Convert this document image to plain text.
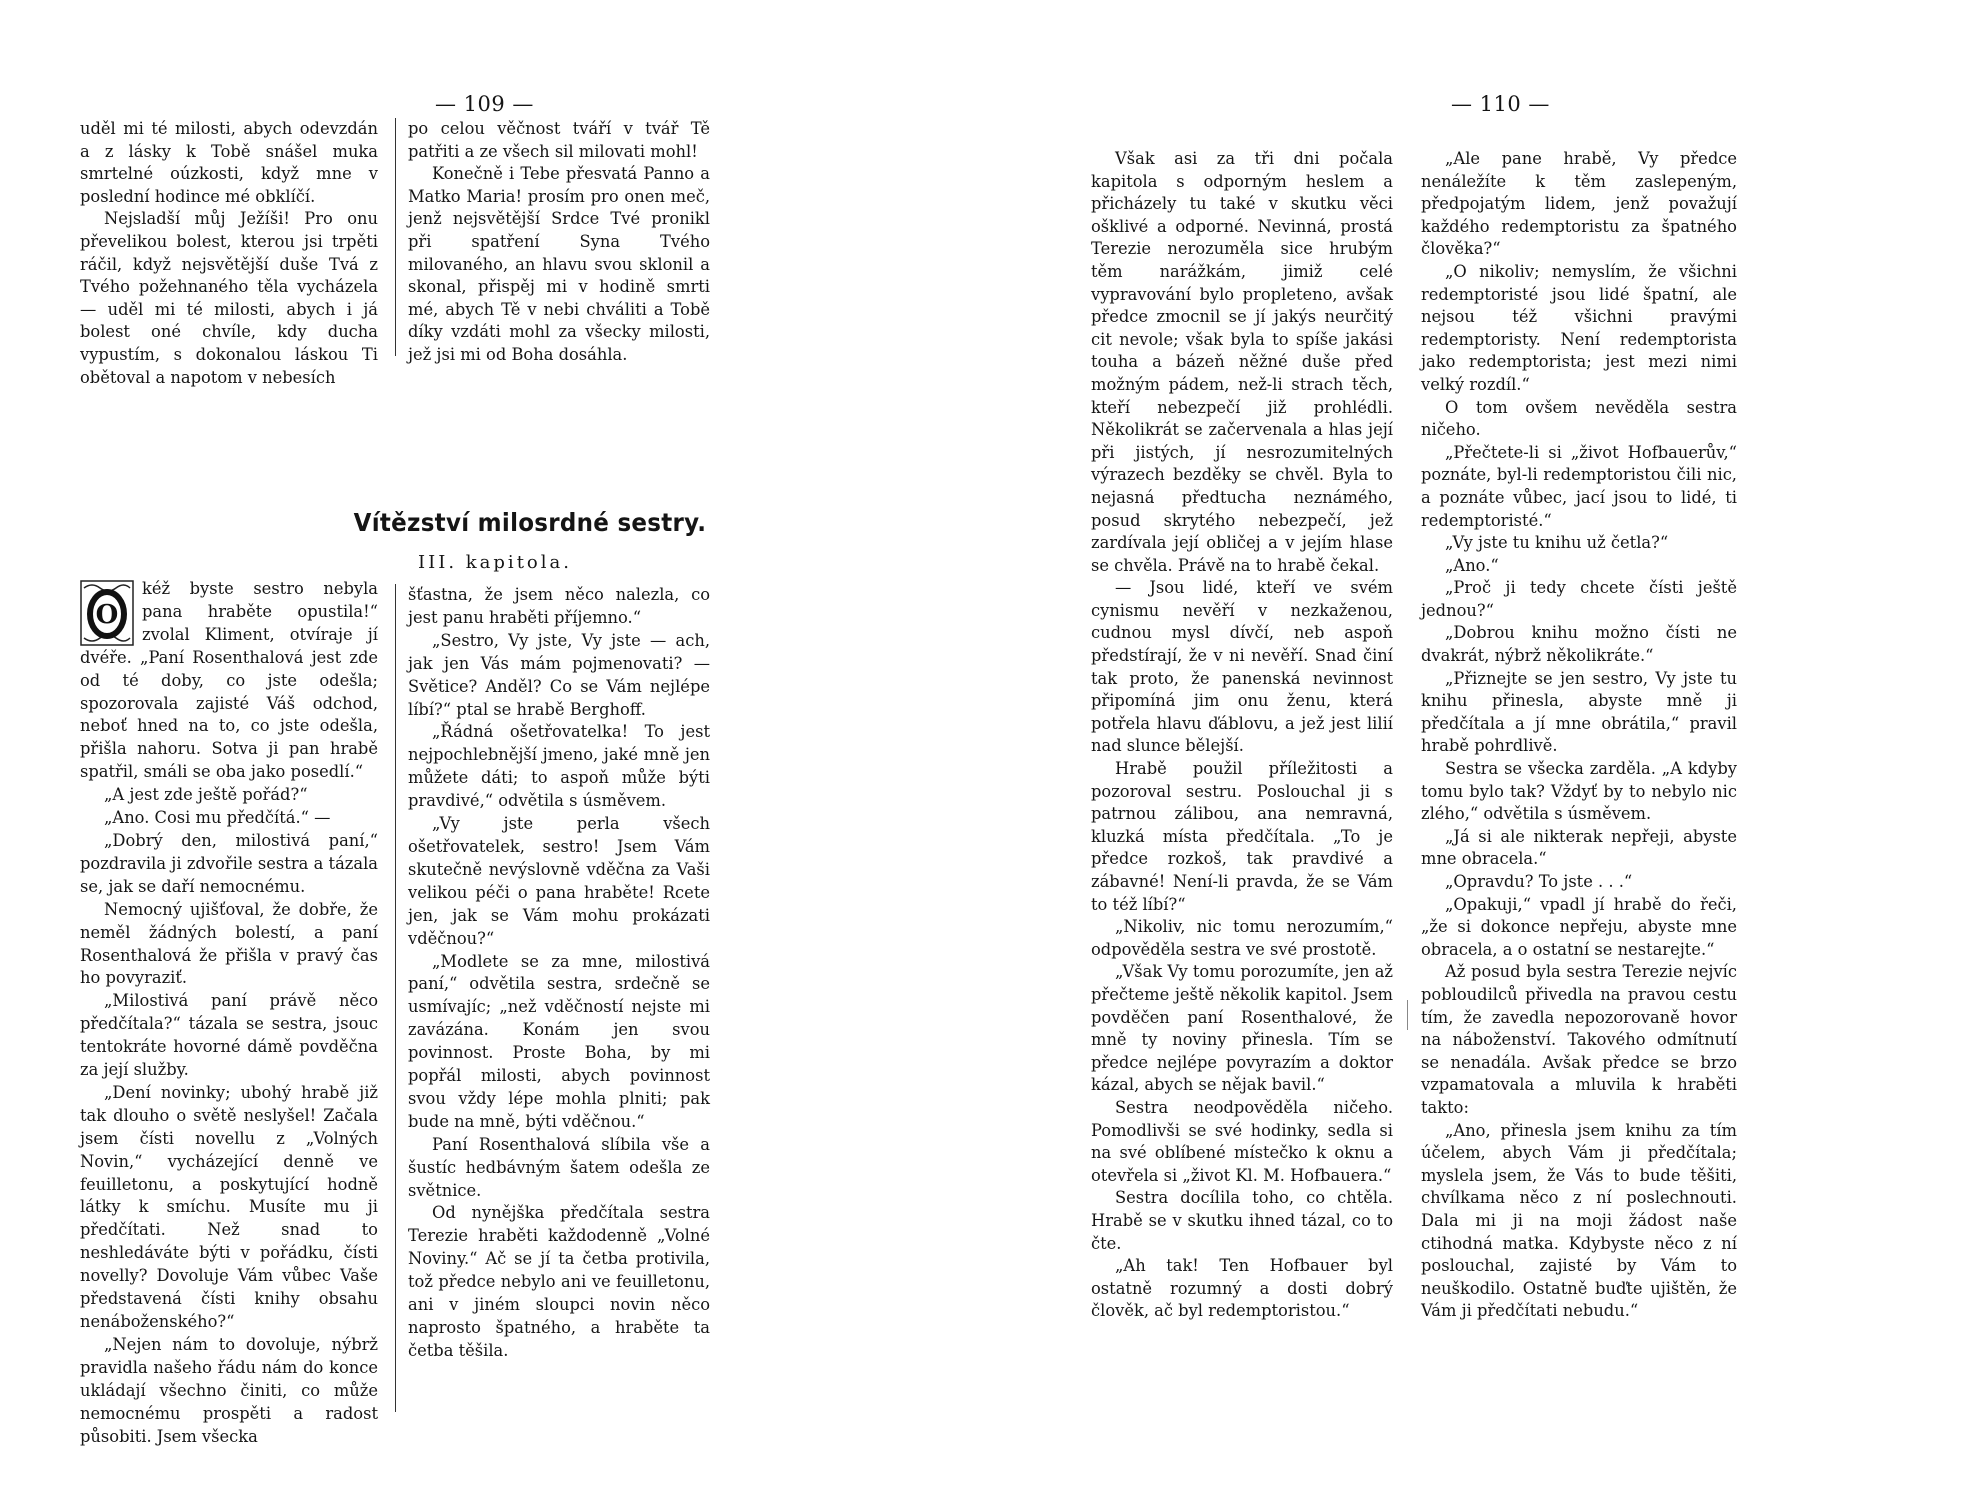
— 109 —

uděl mi té milosti, abych odevzdán a z lásky k Tobě snášel muka smrtelné oúzkosti, když mne v poslední hodince mé obklíčí.

Nejsladší můj Ježíši! Pro onu převelikou bolest, kterou jsi trpěti ráčil, když nejsvětější duše Tvá z Tvého požehnaného těla vycházela — uděl mi té milosti, abych i já bolest oné chvíle, kdy ducha vypustím, s dokonalou láskou Ti obětoval a napotom v nebesích

po celou věčnost tváří v tvář Tě patřiti a ze všech sil milovati mohl!

Konečně i Tebe přesvatá Panno a Matko Maria! prosím pro onen meč, jenž nejsvětější Srdce Tvé pronikl při spatření Syna Tvého milovaného, an hlavu svou sklonil a skonal, přispěj mi v hodině smrti mé, abych Tě v nebi chváliti a Tobě díky vzdáti mohl za všecky milosti, jež jsi mi od Boha dosáhla.

Vítězství milosrdné sestry.
III. kapitola.
O

kéž byste sestro nebyla pana hraběte opustila!“ zvolal Kliment, otvíraje jí dvéře. „Paní Rosenthalová jest zde od té doby, co jste odešla; spozorovala zajisté Váš odchod, neboť hned na to, co jste odešla, přišla nahoru. Sotva ji pan hrabě spatřil, smáli se oba jako posedlí.“

„A jest zde ještě pořád?“

„Ano. Cosi mu předčítá.“ —

„Dobrý den, milostivá paní,“ pozdravila ji zdvořile sestra a tázala se, jak se daří nemocnému.

Nemocný ujišťoval, že dobře, že neměl žádných bolestí, a paní Rosenthalová že přišla v pravý čas ho povyraziť.

„Milostivá paní právě něco předčítala?“ tázala se sestra, jsouc tentokráte hovorné dámě povděčna za její služby.

„Dení novinky; ubohý hrabě již tak dlouho o světě neslyšel! Začala jsem čísti novellu z „Volných Novin,“ vycházející denně ve feuilletonu, a poskytující hodně látky k smíchu. Musíte mu ji předčítati. Než snad to neshledáváte býti v pořádku, čísti novelly? Dovoluje Vám vůbec Vaše představená čísti knihy obsahu nenáboženského?“

„Nejen nám to dovoluje, nýbrž pravidla našeho řádu nám do konce ukládají všechno činiti, co může nemocnému prospěti a radost působiti. Jsem všecka

šťastna, že jsem něco nalezla, co jest panu hraběti příjemno.“

„Sestro, Vy jste, Vy jste — ach, jak jen Vás mám pojmenovati? — Světice? Anděl? Co se Vám nejlépe líbí?“ ptal se hrabě Berghoff.

„Řádná ošetřovatelka! To jest nejpochlebnější jmeno, jaké mně jen můžete dáti; to aspoň může býti pravdivé,“ odvětila s úsměvem.

„Vy jste perla všech ošetřovatelek, sestro! Jsem Vám skutečně nevýslovně vděčna za Vaši velikou péči o pana hraběte! Rcete jen, jak se Vám mohu prokázati vděčnou?“

„Modlete se za mne, milostivá paní,“ odvětila sestra, srdečně se usmívajíc; „než vděčností nejste mi zavázána. Konám jen svou povinnost. Proste Boha, by mi popřál milosti, abych povinnost svou vždy lépe mohla plniti; pak bude na mně, býti vděčnou.“

Paní Rosenthalová slíbila vše a šustíc hedbávným šatem odešla ze světnice.

Od nynějška předčítala sestra Terezie hraběti každodenně „Volné Noviny.“ Ač se jí ta četba protivila, tož předce nebylo ani ve feuilletonu, ani v jiném sloupci novin něco naprosto špatného, a hraběte ta četba těšila.

— 110 —

Však asi za tři dni počala kapitola s odporným heslem a přicházely tu také v skutku věci ošklivé a odporné. Nevinná, prostá Terezie nerozuměla sice hrubým těm narážkám, jimiž celé vypravování bylo propleteno, avšak předce zmocnil se jí jakýs neurčitý cit nevole; však byla to spíše jakási touha a bázeň něžné duše před možným pádem, než-li strach těch, kteří nebezpečí již prohlédli. Několikrát se začervenala a hlas její při jistých, jí nesrozumitelných výrazech bezděky se chvěl. Byla to nejasná předtucha neznámého, posud skrytého nebezpečí, jež zardívala její obličej a v jejím hlase se chvěla. Právě na to hrabě čekal.

— Jsou lidé, kteří ve svém cynismu nevěří v nezkaženou, cudnou mysl dívčí, neb aspoň předstírají, že v ni nevěří. Snad činí tak proto, že panenská nevinnost připomíná jim onu ženu, která potřela hlavu ďáblovu, a jež jest lilií nad slunce bělejší.

Hrabě použil příležitosti a pozoroval sestru. Poslouchal ji s patrnou zálibou, ana nemravná, kluzká místa předčítala. „To je předce rozkoš, tak pravdivé a zábavné! Není-li pravda, že se Vám to též líbí?“

„Nikoliv, nic tomu nerozumím,“ odpověděla sestra ve své prostotě.

„Však Vy tomu porozumíte, jen až přečteme ještě několik kapitol. Jsem povděčen paní Rosenthalové, že mně ty noviny přinesla. Tím se předce nejlépe povyrazím a doktor kázal, abych se nějak bavil.“

Sestra neodpověděla ničeho. Pomodlivši se své hodinky, sedla si na své oblíbené místečko k oknu a otevřela si „život Kl. M. Hofbauera.“

Sestra docílila toho, co chtěla. Hrabě se v skutku ihned tázal, co to čte.

„Ah tak! Ten Hofbauer byl ostatně rozumný a dosti dobrý člověk, ač byl redemptoristou.“

„Ale pane hrabě, Vy předce nenáležíte k těm zaslepeným, předpojatým lidem, jenž považují každého redemptoristu za špatného člověka?“

„O nikoliv; nemyslím, že všichni redemptoristé jsou lidé špatní, ale nejsou též všichni pravými redemptoristy. Není redemptorista jako redemptorista; jest mezi nimi velký rozdíl.“

O tom ovšem nevěděla sestra ničeho.

„Přečtete-li si „život Hofbauerův,“ poznáte, byl-li redemptoristou čili nic, a poznáte vůbec, jací jsou to lidé, ti redemptoristé.“

„Vy jste tu knihu už četla?“

„Ano.“

„Proč ji tedy chcete čísti ještě jednou?“

„Dobrou knihu možno čísti ne dvakrát, nýbrž několikráte.“

„Přiznejte se jen sestro, Vy jste tu knihu přinesla, abyste mně ji předčítala a jí mne obrátila,“ pravil hrabě pohrdlivě.

Sestra se všecka zardělа. „A kdyby tomu bylo tak? Vždyť by to nebylo nic zlého,“ odvětila s úsměvem.

„Já si ale nikterak nepřeji, abyste mne obracela.“

„Opravdu? To jste . . .“

„Opakuji,“ vpadl jí hrabě do řeči, „že si dokonce nepřeju, abyste mne obracela, a o ostatní se nestarejte.“

Až posud byla sestra Terezie nejvíc pobloudilců přivedla na pravou cestu tím, že zavedla nepozorovaně hovor na náboženství. Takového odmítnutí se nenadála. Avšak předce se brzo vzpamatovala a mluvila k hraběti takto:

„Ano, přinesla jsem knihu za tím účelem, abych Vám ji předčítala; myslela jsem, že Vás to bude těšiti, chvílkama něco z ní poslechnouti. Dala mi ji na moji žádost naše ctihodná matka. Kdybyste něco z ní poslouchal, zajisté by Vám to neuškodilo. Ostatně buďte ujištěn, že Vám ji předčítati nebudu.“
